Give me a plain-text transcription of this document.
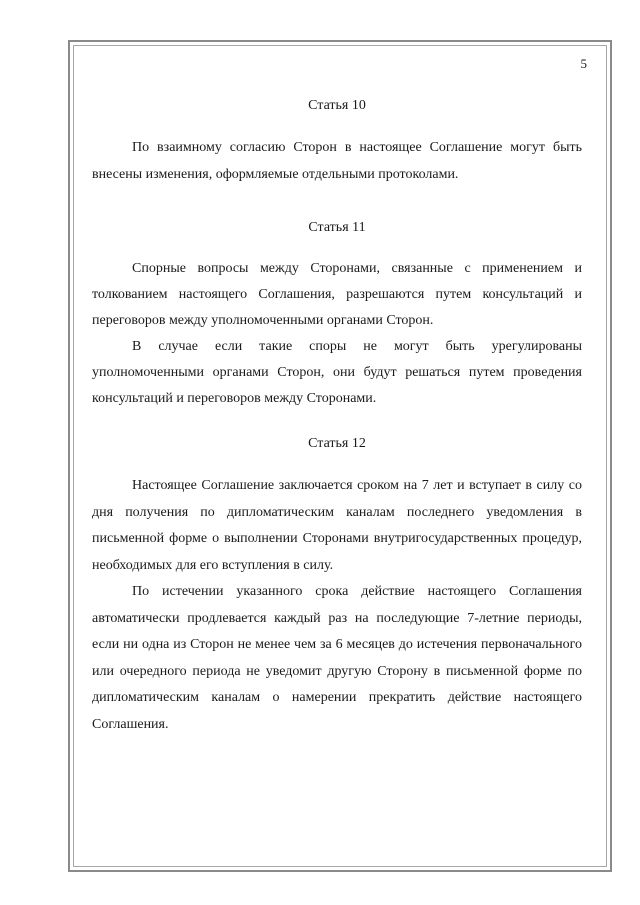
5

Статья 10

По взаимному согласию Сторон в настоящее Соглашение могут быть внесены изменения, оформляемые отдельными протоколами.

Статья 11

Спорные вопросы между Сторонами, связанные с применением и толкованием настоящего Соглашения, разрешаются путем консультаций и переговоров между уполномоченными органами Сторон.

В случае если такие споры не могут быть урегулированы уполномоченными органами Сторон, они будут решаться путем проведения консультаций и переговоров между Сторонами.

Статья 12

Настоящее Соглашение заключается сроком на 7 лет и вступает в силу со дня получения по дипломатическим каналам последнего уведомления в письменной форме о выполнении Сторонами внутригосударственных процедур, необходимых для его вступления в силу.

По истечении указанного срока действие настоящего Соглашения автоматически продлевается каждый раз на последующие 7-летние периоды, если ни одна из Сторон не менее чем за 6 месяцев до истечения первоначального или очередного периода не уведомит другую Сторону в письменной форме по дипломатическим каналам о намерении прекратить действие настоящего Соглашения.
